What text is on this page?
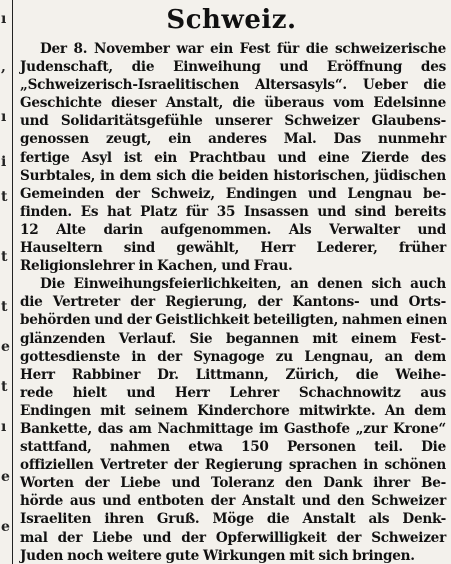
ı
,
ı
i
t
t
t
e
t
ı
e
e
Schweiz.
Der 8. November war ein Fest für die schweizerische
Judenschaft, die Einweihung und Eröffnung des
„Schweizerisch-Israelitischen Altersasyls“. Ueber die
Geschichte dieser Anstalt, die überaus vom Edelsinne
und Solidaritätsgefühle unserer Schweizer Glaubens-
genossen zeugt, ein anderes Mal. Das nunmehr
fertige Asyl ist ein Prachtbau und eine Zierde des
Surbtales, in dem sich die beiden historischen, jüdischen
Gemeinden der Schweiz, Endingen und Lengnau be-
finden. Es hat Platz für 35 Insassen und sind bereits
12 Alte darin aufgenommen. Als Verwalter und
Hauseltern sind gewählt, Herr Lederer, früher
Religionslehrer in Kachen, und Frau.
Die Einweihungsfeierlichkeiten, an denen sich auch
die Vertreter der Regierung, der Kantons- und Orts-
behörden und der Geistlichkeit beteiligten, nahmen einen
glänzenden Verlauf. Sie begannen mit einem Fest-
gottesdienste in der Synagoge zu Lengnau, an dem
Herr Rabbiner Dr. Littmann, Zürich, die Weihe-
rede hielt und Herr Lehrer Schachnowitz aus
Endingen mit seinem Kinderchore mitwirkte. An dem
Bankette, das am Nachmittage im Gasthofe „zur Krone“
stattfand, nahmen etwa 150 Personen teil. Die
offiziellen Vertreter der Regierung sprachen in schönen
Worten der Liebe und Toleranz den Dank ihrer Be-
hörde aus und entboten der Anstalt und den Schweizer
Israeliten ihren Gruß. Möge die Anstalt als Denk-
mal der Liebe und der Opferwilligkeit der Schweizer
Juden noch weitere gute Wirkungen mit sich bringen.
